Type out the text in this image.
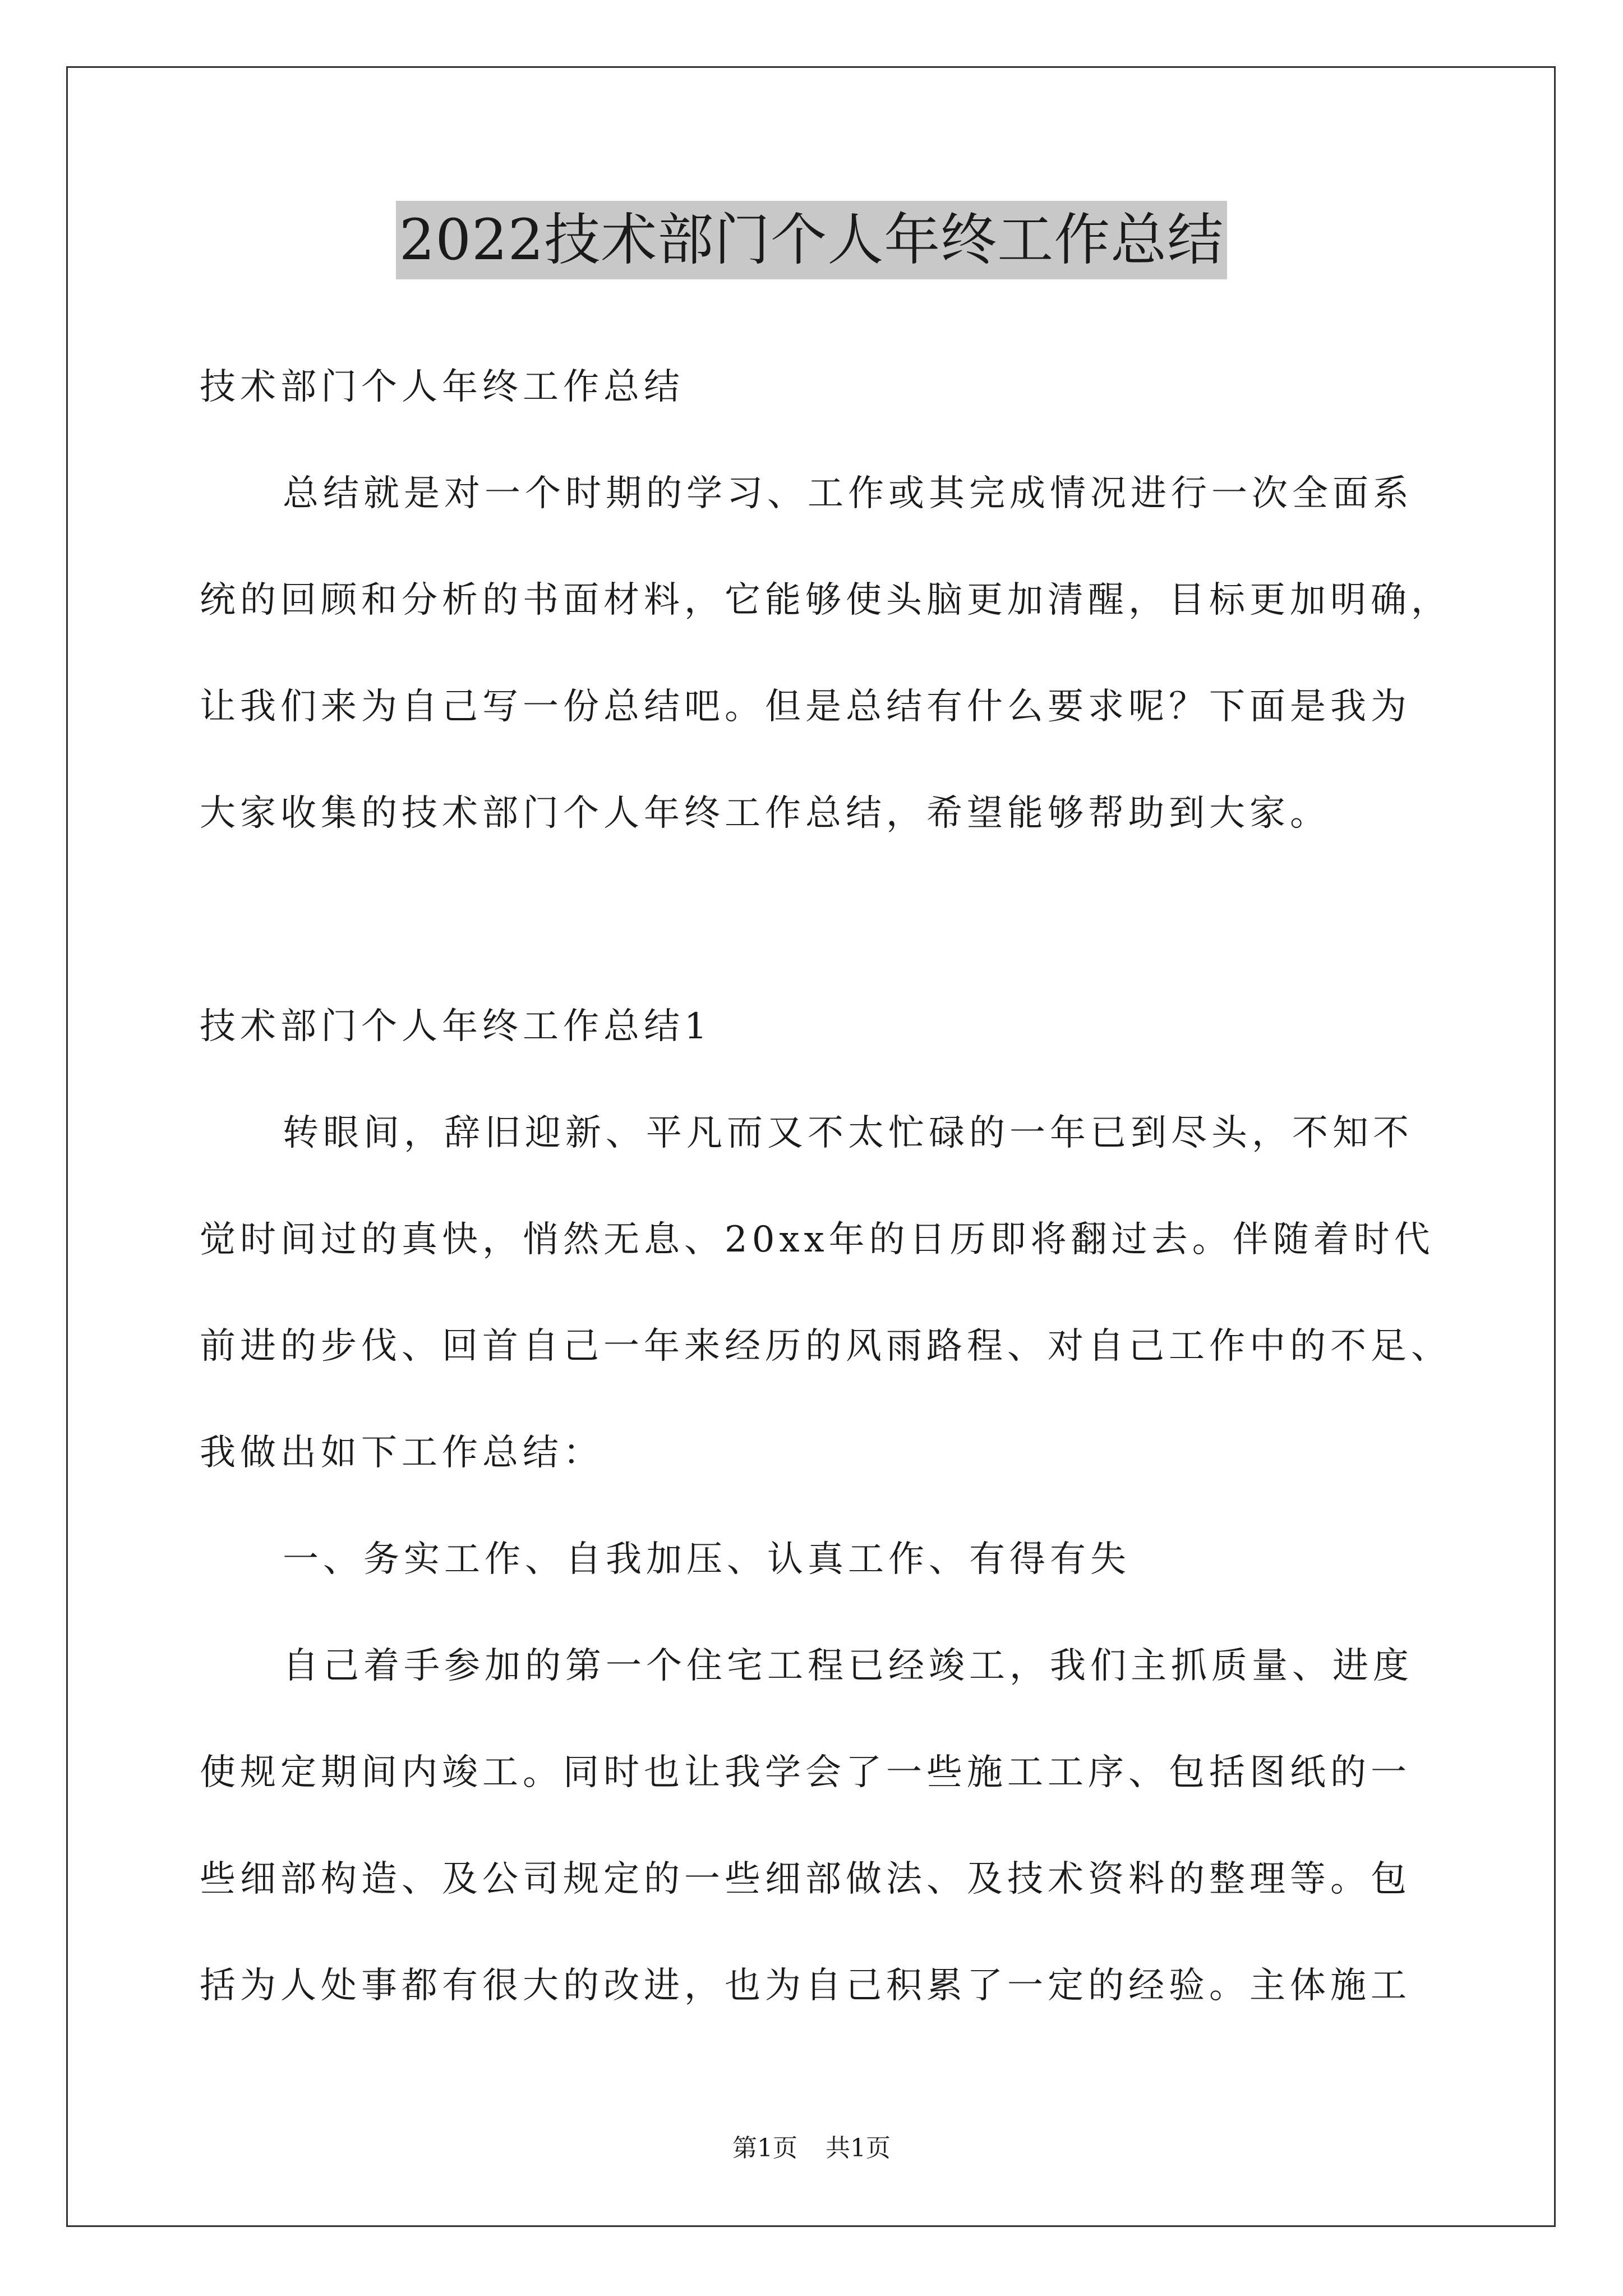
2022技术部门个人年终工作总结
技术部门个人年终工作总结
总结就是对一个时期的学习、工作或其完成情况进行一次全面系
统的回顾和分析的书面材料，它能够使头脑更加清醒，目标更加明确，
让我们来为自己写一份总结吧。但是总结有什么要求呢？下面是我为
大家收集的技术部门个人年终工作总结，希望能够帮助到大家。
技术部门个人年终工作总结1
转眼间，辞旧迎新、平凡而又不太忙碌的一年已到尽头，不知不
觉时间过的真快，悄然无息、20xx年的日历即将翻过去。伴随着时代
前进的步伐、回首自己一年来经历的风雨路程、对自己工作中的不足、
我做出如下工作总结：
一、务实工作、自我加压、认真工作、有得有失
自己着手参加的第一个住宅工程已经竣工，我们主抓质量、进度
使规定期间内竣工。同时也让我学会了一些施工工序、包括图纸的一
些细部构造、及公司规定的一些细部做法、及技术资料的整理等。包
括为人处事都有很大的改进，也为自己积累了一定的经验。主体施工
第1页 共1页
